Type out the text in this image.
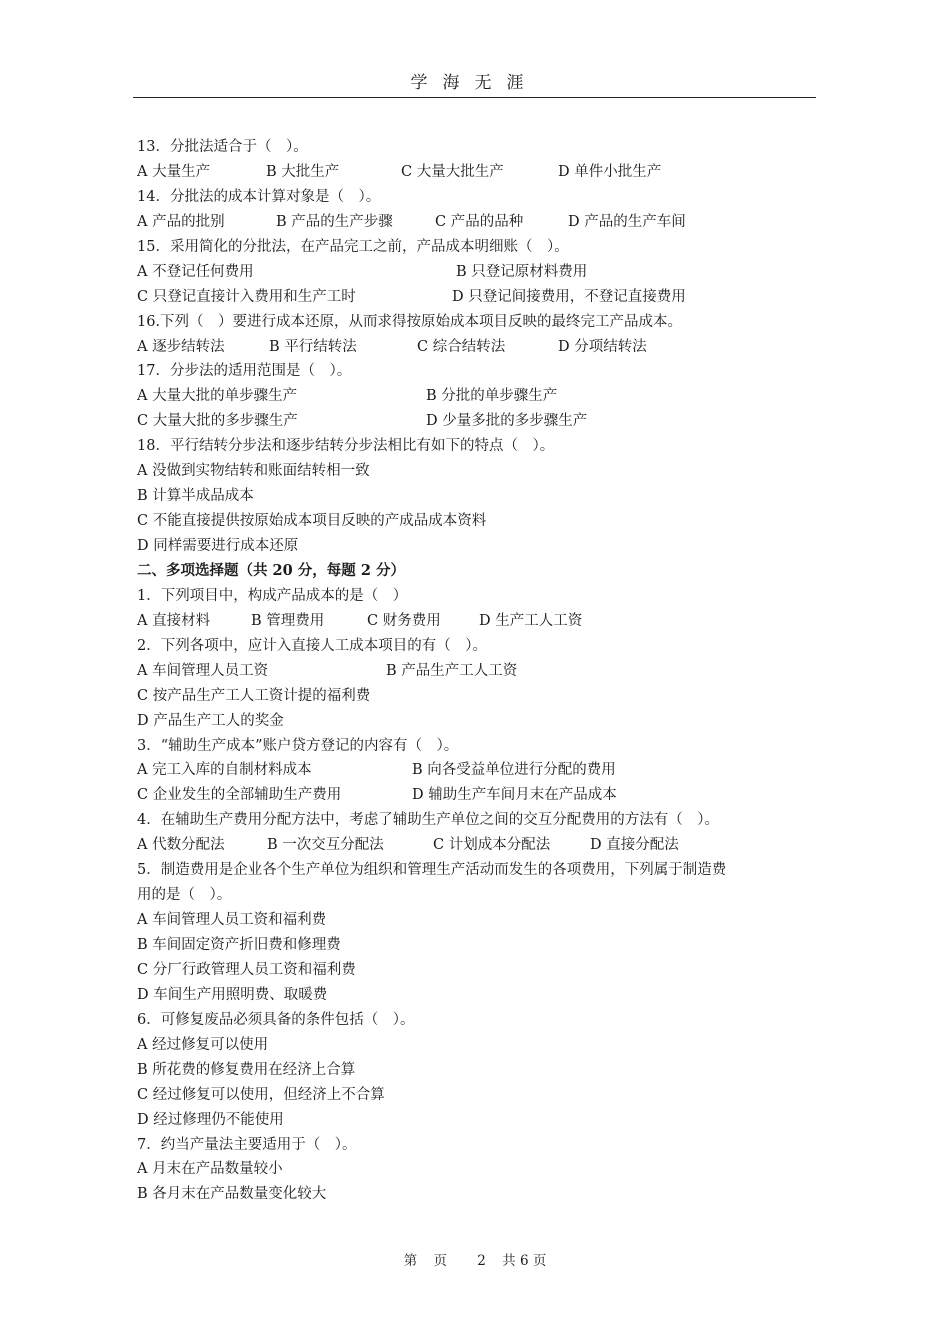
学海无涯
13．分批法适合于（　）。
A 大量生产	B 大批生产	C 大量大批生产	D 单件小批生产
14．分批法的成本计算对象是（　）。
A 产品的批别	B 产品的生产步骤	C 产品的品种	D 产品的生产车间
15．采用简化的分批法，在产品完工之前，产品成本明细账（　）。
A 不登记任何费用	B 只登记原材料费用
C 只登记直接计入费用和生产工时	D 只登记间接费用，不登记直接费用
16.下列（　）要进行成本还原，从而求得按原始成本项目反映的最终完工产品成本。
A 逐步结转法	B 平行结转法	C 综合结转法	D 分项结转法
17．分步法的适用范围是（　）。
A 大量大批的单步骤生产	B 分批的单步骤生产
C 大量大批的多步骤生产	D 少量多批的多步骤生产
18．平行结转分步法和逐步结转分步法相比有如下的特点（　）。
A 没做到实物结转和账面结转相一致
B 计算半成品成本
C 不能直接提供按原始成本项目反映的产成品成本资料
D 同样需要进行成本还原
二、多项选择题（共 20 分，每题 2 分）
1．下列项目中，构成产品成本的是（　）
A 直接材料	B 管理费用	C 财务费用	D 生产工人工资
2．下列各项中，应计入直接人工成本项目的有（　）。
A 车间管理人员工资	B 产品生产工人工资
C 按产品生产工人工资计提的福利费
D 产品生产工人的奖金
3．“辅助生产成本”账户贷方登记的内容有（　）。
A 完工入库的自制材料成本	B 向各受益单位进行分配的费用
C 企业发生的全部辅助生产费用	D 辅助生产车间月末在产品成本
4．在辅助生产费用分配方法中，考虑了辅助生产单位之间的交互分配费用的方法有（　）。
A 代数分配法	B 一次交互分配法	C 计划成本分配法	D 直接分配法
5．制造费用是企业各个生产单位为组织和管理生产活动而发生的各项费用，下列属于制造费
用的是（　）。
A 车间管理人员工资和福利费
B 车间固定资产折旧费和修理费
C 分厂行政管理人员工资和福利费
D 车间生产用照明费、取暖费
6．可修复废品必须具备的条件包括（　）。
A 经过修复可以使用
B 所花费的修复费用在经济上合算
C 经过修复可以使用，但经济上不合算
D 经过修理仍不能使用
7．约当产量法主要适用于（　）。
A 月末在产品数量较小
B 各月末在产品数量变化较大
第 页 2 共 6 页
